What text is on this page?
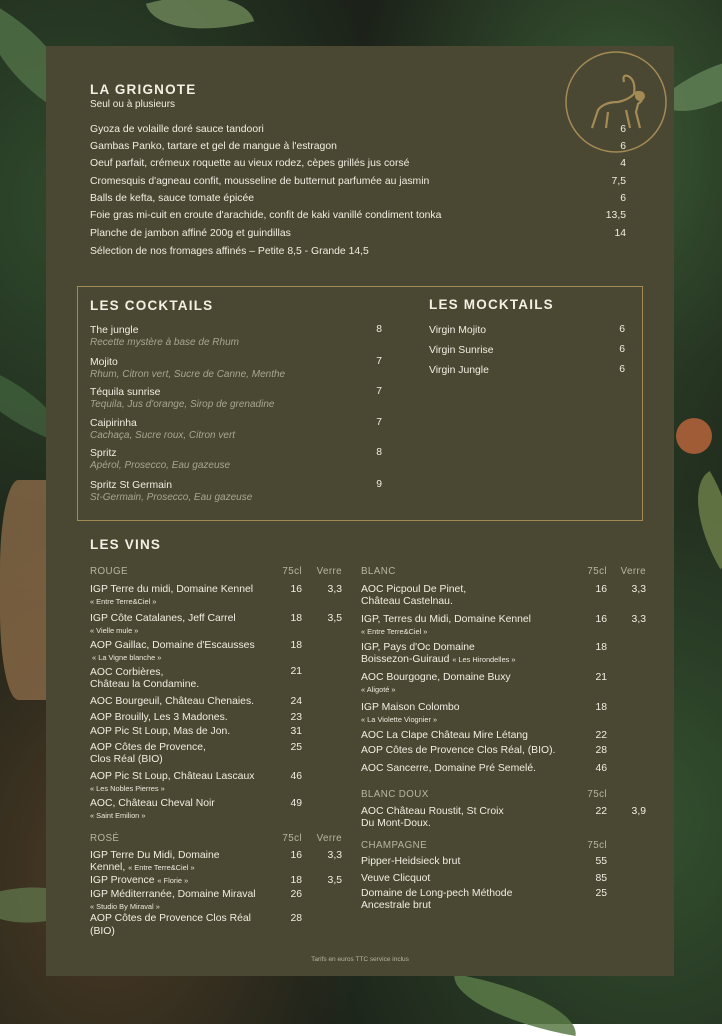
LA GRIGNOTE
Seul ou à plusieurs
Gyoza de volaille doré sauce tandoori	6
Gambas Panko, tartare et gel de mangue à l'estragon	6
Oeuf parfait, crémeux roquette au vieux rodez, cèpes grillés jus corsé	4
Cromesquis d'agneau confit, mousseline de butternut parfumée au jasmin	7,5
Balls de kefta, sauce tomate épicée	6
Foie gras mi-cuit en croute d'arachide, confit de kaki vanillé condiment tonka	13,5
Planche de jambon affiné 200g et guindillas	14
Sélection de nos fromages affinés – Petite 8,5 - Grande 14,5
LES COCKTAILS
The jungle
Recette mystère à base de Rhum
8
Mojito
Rhum, Citron vert, Sucre de Canne, Menthe
7
Téquila sunrise
Tequila, Jus d'orange, Sirop de grenadine
7
Caipirinha
Cachaça, Sucre roux, Citron vert
7
Spritz
Apérol, Prosecco, Eau gazeuse
8
Spritz St Germain
St-Germain, Prosecco, Eau gazeuse
9
LES MOCKTAILS
Virgin Mojito	6
Virgin Sunrise	6
Virgin Jungle	6
LES VINS
ROUGE	75cl	Verre
IGP Terre du midi, Domaine Kennel
« Entre Terre&Ciel »
16	3,3
IGP Côte Catalanes, Jeff Carrel
« Vielle mule »
18	3,5
AOP Gaillac, Domaine d'Escausses
« La Vigne blanche »
18
AOC Corbières,
Château la Condamine.
21
AOC Bourgeuil, Château Chenaies.	24
AOP Brouilly, Les 3 Madones.	23
AOP Pic St Loup, Mas de Jon.	31
AOP Côtes de Provence,
Clos Réal (BIO)
25
AOP Pic St Loup, Château Lascaux
« Les Nobles Pierres »
46
AOC, Château Cheval Noir
« Saint Emilion »
49
ROSÉ	75cl	Verre
IGP Terre Du Midi, Domaine
Kennel, « Entre Terre&Ciel »
16	3,3
IGP Provence « Florie »	18	3,5
IGP Méditerranée, Domaine Miraval
« Studio By Miraval »
26
AOP Côtes de Provence Clos Réal
(BIO)
28
BLANC	75cl	Verre
AOC Picpoul De Pinet,
Château Castelnau.
16	3,3
IGP, Terres du Midi, Domaine Kennel
« Entre Terre&Ciel »
16	3,3
IGP, Pays d'Oc Domaine
Boissezon-Guiraud « Les Hirondelles »
18
AOC Bourgogne, Domaine Buxy
« Aligoté »
21
IGP Maison Colombo
« La Violette Viognier »
18
AOC La Clape Château Mire Létang	22
AOP Côtes de Provence Clos Réal, (BIO).	28
AOC Sancerre, Domaine Pré Semelé.	46
BLANC DOUX	75cl
AOC Château Roustit, St Croix
Du Mont-Doux.
22	3,9
CHAMPAGNE	75cl
Pipper-Heidsieck brut	55
Veuve Clicquot	85
Domaine de Long-pech Méthode
Ancestrale brut
25
Tarifs en euros TTC service inclus
